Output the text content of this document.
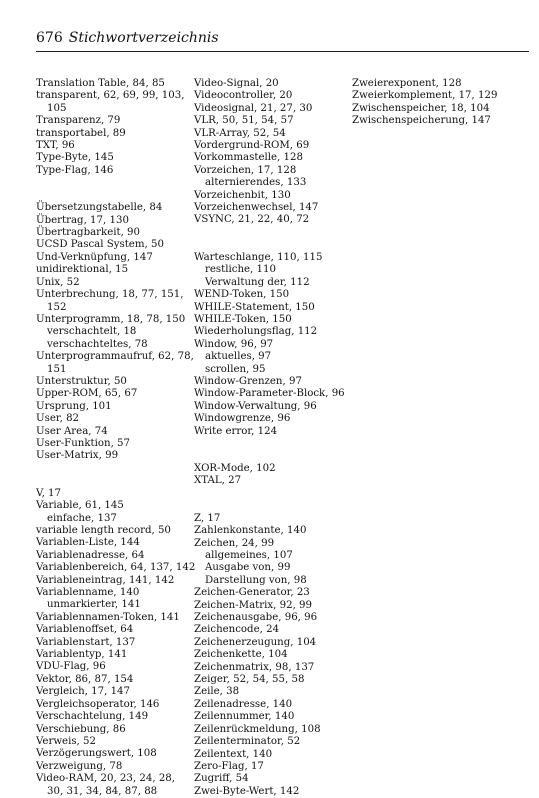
676 Stichwortverzeichnis
Translation Table, 84, 85
transparent, 62, 69, 99, 103,
105
Transparenz, 79
transportabel, 89
TXT, 96
Type-Byte, 145
Type-Flag, 146
Übersetzungstabelle, 84
Übertrag, 17, 130
Übertragbarkeit, 90
UCSD Pascal System, 50
Und-Verknüpfung, 147
unidirektional, 15
Unix, 52
Unterbrechung, 18, 77, 151,
152
Unterprogramm, 18, 78, 150
verschachtelt, 18
verschachteltes, 78
Unterprogrammaufruf, 62, 78,
151
Unterstruktur, 50
Upper-ROM, 65, 67
Ursprung, 101
User, 82
User Area, 74
User-Funktion, 57
User-Matrix, 99
V, 17
Variable, 61, 145
einfache, 137
variable length record, 50
Variablen-Liste, 144
Variablenadresse, 64
Variablenbereich, 64, 137, 142
Variableneintrag, 141, 142
Variablenname, 140
unmarkierter, 141
Variablennamen-Token, 141
Variablenoffset, 64
Variablenstart, 137
Variablentyp, 141
VDU-Flag, 96
Vektor, 86, 87, 154
Vergleich, 17, 147
Vergleichsoperator, 146
Verschachtelung, 149
Verschiebung, 86
Verweis, 52
Verzögerungswert, 108
Verzweigung, 78
Video-RAM, 20, 23, 24, 28,
30, 31, 34, 84, 87, 88
Video-Signal, 20
Videocontroller, 20
Videosignal, 21, 27, 30
VLR, 50, 51, 54, 57
VLR-Array, 52, 54
Vordergrund-ROM, 69
Vorkommastelle, 128
Vorzeichen, 17, 128
alternierendes, 133
Vorzeichenbit, 130
Vorzeichenwechsel, 147
VSYNC, 21, 22, 40, 72
Warteschlange, 110, 115
restliche, 110
Verwaltung der, 112
WEND-Token, 150
WHILE-Statement, 150
WHILE-Token, 150
Wiederholungsflag, 112
Window, 96, 97
aktuelles, 97
scrollen, 95
Window-Grenzen, 97
Window-Parameter-Block, 96
Window-Verwaltung, 96
Windowgrenze, 96
Write error, 124
XOR-Mode, 102
XTAL, 27
Z, 17
Zahlenkonstante, 140
Zeichen, 24, 99
allgemeines, 107
Ausgabe von, 99
Darstellung von, 98
Zeichen-Generator, 23
Zeichen-Matrix, 92, 99
Zeichenausgabe, 96, 96
Zeichencode, 24
Zeichenerzeugung, 104
Zeichenkette, 104
Zeichenmatrix, 98, 137
Zeiger, 52, 54, 55, 58
Zeile, 38
Zeilenadresse, 140
Zeilennummer, 140
Zeilenrückmeldung, 108
Zeilenterminator, 52
Zeilentext, 140
Zero-Flag, 17
Zugriff, 54
Zwei-Byte-Wert, 142
Zweierexponent, 128
Zweierkomplement, 17, 129
Zwischenspeicher, 18, 104
Zwischenspeicherung, 147
